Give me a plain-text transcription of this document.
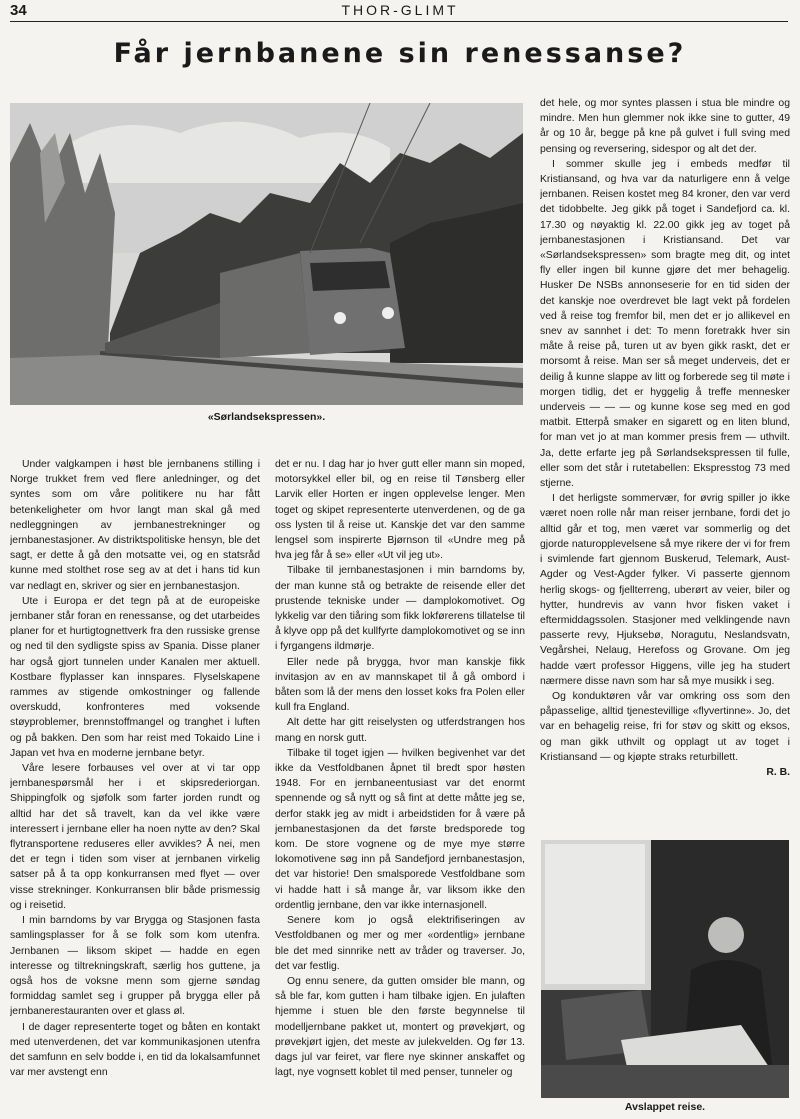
34	THOR-GLIMT
Får jernbanene sin renessanse?
«Sørlandsekspressen».

Under valgkampen i høst ble jernbanens stilling i Norge trukket frem ved flere anledninger, og det syntes som om våre politikere nu har fått betenkeligheter om hvor langt man skal gå med nedleggningen av jernbanestrekninger og jernbanestasjoner. Av distriktspolitiske hensyn, ble det sagt, er dette å gå den motsatte vei, og en statsråd kunne med stolthet rose seg av at det i hans tid kun var nedlagt en, skriver og sier en jernbanestasjon.

Ute i Europa er det tegn på at de europeiske jernbaner står foran en renessanse, og det utarbeides planer for et hurtigtognettverk fra den russiske grense og ned til den sydligste spiss av Spania. Disse planer har også gjort tunnelen under Kanalen mer aktuell. Kostbare flyplasser kan innspares. Flyselskapene rammes av stigende omkostninger og fallende overskudd, konfronteres med voksende støyproblemer, brennstoffmangel og tranghet i luften og på bakken. Den som har reist med Tokaido Line i Japan vet hva en moderne jernbane betyr.

Våre lesere forbauses vel over at vi tar opp jernbanespørsmål her i et skipsrederiorgan. Shippingfolk og sjøfolk som farter jorden rundt og alltid har det så travelt, kan da vel ikke være interessert i jernbane eller ha noen nytte av den? Skal flytransportene reduseres eller avvikles? Å nei, men det er tegn i tiden som viser at jernbanen virkelig satser på å ta opp konkurransen med flyet — over visse strekninger. Konkurransen blir både prismessig og i reisetid.

I min barndoms by var Brygga og Stasjonen fasta samlingsplasser for å se folk som kom utenfra. Jernbanen — liksom skipet — hadde en egen interesse og tiltrekningskraft, særlig hos guttene, ja også hos de voksne menn som gjerne søndag formiddag samlet seg i grupper på brygga eller på jernbanerestauranten over et glass øl.

I de dager representerte toget og båten en kontakt med utenverdenen, det var kommunikasjonen utenfra det samfunn en selv bodde i, en tid da lokalsamfunnet var mer avstengt enn

det er nu. I dag har jo hver gutt eller mann sin moped, motorsykkel eller bil, og en reise til Tønsberg eller Larvik eller Horten er ingen opplevelse lenger. Men toget og skipet representerte utenverdenen, og de ga oss lysten til å reise ut. Kanskje det var den samme lengsel som inspirerte Bjørnson til «Undre meg på hva jeg får å se» eller «Ut vil jeg ut».

Tilbake til jernbanestasjonen i min barndoms by, der man kunne stå og betrakte de reisende eller det prustende tekniske under — damplokomotivet. Og lykkelig var den tiåring som fikk lokførerens tillatelse til å klyve opp på det kullfyrte damplokomotivet og se inn i fyrgangens ildmørje.

Eller nede på brygga, hvor man kanskje fikk invitasjon av en av mannskapet til å gå ombord i båten som lå der mens den losset koks fra Polen eller kull fra England.

Alt dette har gitt reiselysten og utferdstrangen hos mang en norsk gutt.

Tilbake til toget igjen — hvilken begivenhet var det ikke da Vestfoldbanen åpnet til bredt spor høsten 1948. For en jernbaneentusiast var det enormt spennende og så nytt og så fint at dette måtte jeg se, derfor stakk jeg av midt i arbeidstiden for å være på jernbanestasjonen da det første bredsporede tog kom. De store vognene og de mye mye større lokomotivene søg inn på Sandefjord jernbanestasjon, det var historie! Den smalsporede Vestfoldbane som vi hadde hatt i så mange år, var liksom ikke den ordentlig jernbane, den var ikke internasjonell.

Senere kom jo også elektrifiseringen av Vestfoldbanen og mer og mer «ordentlig» jernbane ble det med sinnrike nett av tråder og traverser. Jo, det var festlig.

Og ennu senere, da gutten omsider ble mann, og så ble far, kom gutten i ham tilbake igjen. En julaften hjemme i stuen ble den første begynnelse til modelljernbane pakket ut, montert og prøvekjørt, og prøvekjørt igjen, det meste av julekvelden. Og før 13. dags jul var feiret, var flere nye skinner anskaffet og lagt, nye vognsett koblet til med penser, tunneler og

det hele, og mor syntes plassen i stua ble mindre og mindre. Men hun glemmer nok ikke sine to gutter, 49 år og 10 år, begge på kne på gulvet i full sving med pensing og reversering, sidespor og alt det der.

I sommer skulle jeg i embeds medfør til Kristiansand, og hva var da naturligere enn å velge jernbanen. Reisen kostet meg 84 kroner, den var verd det tidobbelte. Jeg gikk på toget i Sandefjord ca. kl. 17.30 og nøyaktig kl. 22.00 gikk jeg av toget på jernbanestasjonen i Kristiansand. Det var «Sørlandsekspressen» som bragte meg dit, og intet fly eller ingen bil kunne gjøre det mer behagelig. Husker De NSBs annonseserie for en tid siden der det kanskje noe overdrevet ble lagt vekt på fordelen ved å reise tog fremfor bil, men det er jo allikevel en snev av sannhet i det: To menn foretrakk hver sin måte å reise på, turen ut av byen gikk raskt, det er morsomt å reise. Man ser så meget underveis, det er deilig å kunne slappe av litt og forberede seg til møte i morgen tidlig, det er hyggelig å treffe mennesker underveis — — — og kunne kose seg med en god matbit. Etterpå smaker en sigarett og en liten blund, for man vet jo at man kommer presis frem — uthvilt. Ja, dette erfarte jeg på Sørlandsekspressen til fulle, eller som det står i rutetabellen: Ekspresstog 73 med stjerne.

I det herligste sommervær, for øvrig spiller jo ikke været noen rolle når man reiser jernbane, fordi det jo alltid går et tog, men været var sommerlig og det gjorde naturopplevelsene så mye rikere der vi for frem i svimlende fart gjennom Buskerud, Telemark, Aust-Agder og Vest-Agder fylker. Vi passerte gjennom herlig skogs- og fjellterreng, uberørt av veier, biler og hytter, hundrevis av vann hvor fisken vaket i eftermiddagssolen. Stasjoner med velklingende navn passerte revy, Hjuksebø, Noragutu, Neslandsvatn, Vegårshei, Nelaug, Herefoss og Grovane. Om jeg hadde vært professor Higgens, ville jeg ha studert nærmere disse navn som har så mye musikk i seg.

Og konduktøren vår var omkring oss som den påpasselige, alltid tjenestevillige «flyvertinne». Jo, det var en behagelig reise, fri for støv og skitt og eksos, og man gikk uthvilt og opplagt ut av toget i Kristiansand — og kjøpte straks returbillett.

R. B.
Avslappet reise.
